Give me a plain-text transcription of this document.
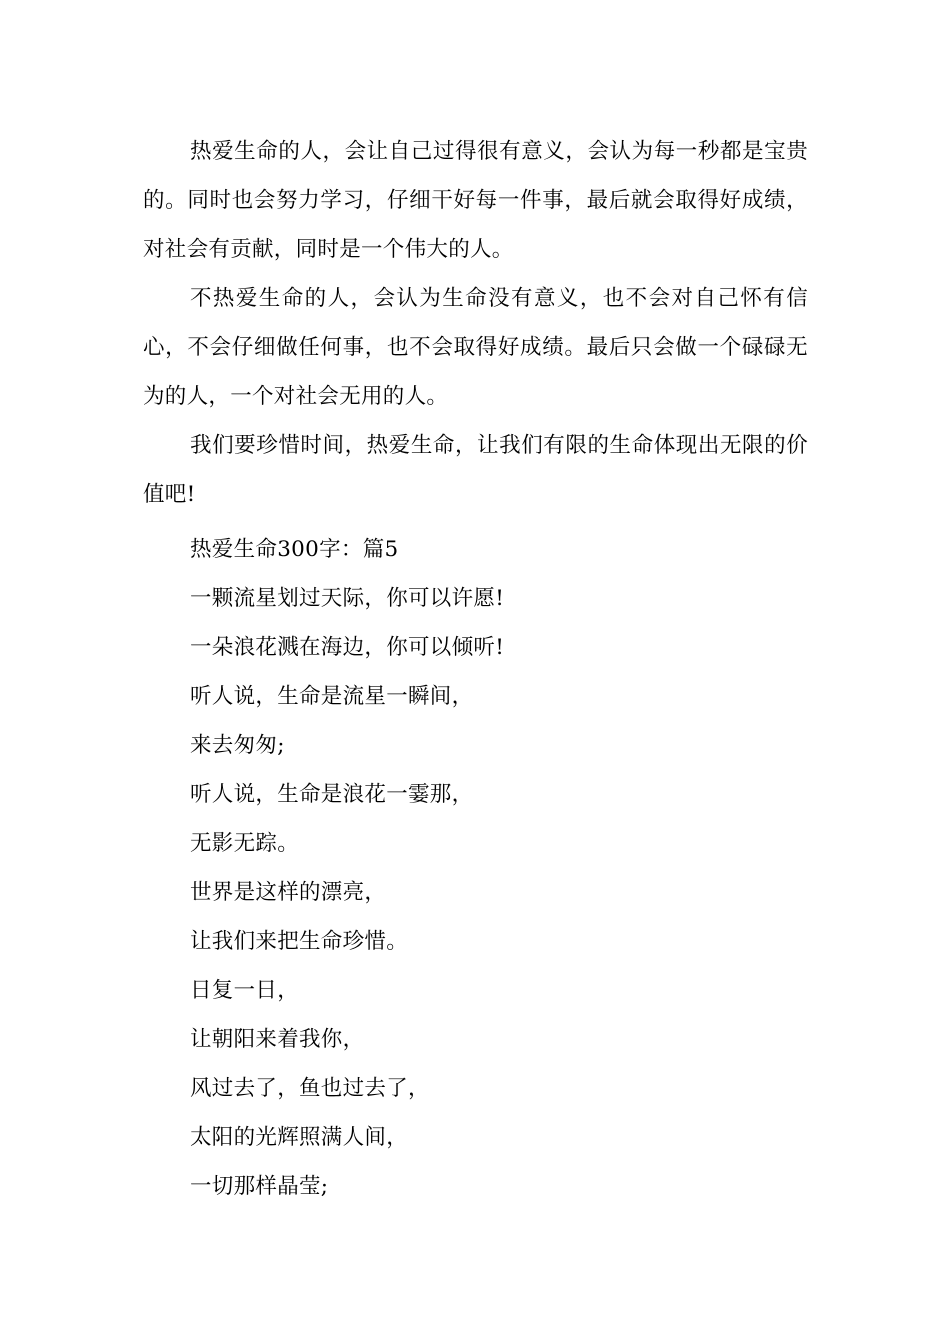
热爱生命的人，会让自己过得很有意义，会认为每一秒都是宝贵的。同时也会努力学习，仔细干好每一件事，最后就会取得好成绩，对社会有贡献，同时是一个伟大的人。

不热爱生命的人，会认为生命没有意义，也不会对自己怀有信心，不会仔细做任何事，也不会取得好成绩。最后只会做一个碌碌无为的人，一个对社会无用的人。

我们要珍惜时间，热爱生命，让我们有限的生命体现出无限的价值吧!

热爱生命300字：篇5

一颗流星划过天际，你可以许愿!

一朵浪花溅在海边，你可以倾听!

听人说，生命是流星一瞬间，

来去匆匆;

听人说，生命是浪花一霎那，

无影无踪。

世界是这样的漂亮，

让我们来把生命珍惜。

日复一日，

让朝阳来着我你，

风过去了，鱼也过去了，

太阳的光辉照满人间，

一切那样晶莹;
